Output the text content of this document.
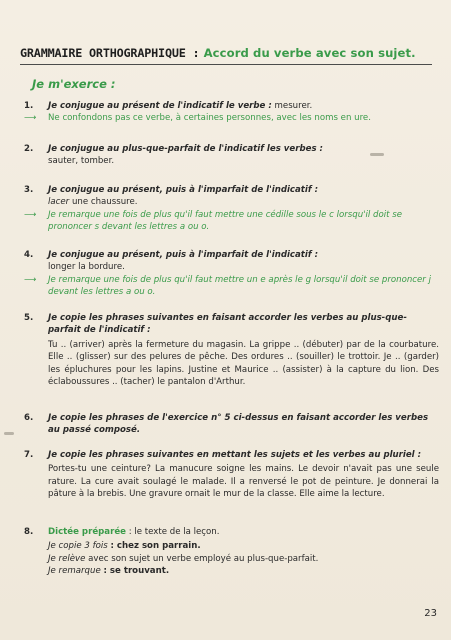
GRAMMAIRE ORTHOGRAPHIQUE : Accord du verbe avec son sujet.
Je m'exerce :
1. Je conjugue au présent de l'indicatif le verbe : mesurer.
⟶ Ne confondons pas ce verbe, à certaines personnes, avec les noms en ure.
2. Je conjugue au plus-que-parfait de l'indicatif les verbes :
sauter, tomber.
3. Je conjugue au présent, puis à l'imparfait de l'indicatif :
lacer une chaussure.
⟶ Je remarque une fois de plus qu'il faut mettre une cédille sous le c lorsqu'il doit se prononcer s devant les lettres a ou o.
4. Je conjugue au présent, puis à l'imparfait de l'indicatif :
longer la bordure.
⟶ Je remarque une fois de plus qu'il faut mettre un e après le g lorsqu'il doit se prononcer j devant les lettres a ou o.
5. Je copie les phrases suivantes en faisant accorder les verbes au plus-que-parfait de l'indicatif :
Tu .. (arriver) après la fermeture du magasin. La grippe .. (débuter) par de la courbature. Elle .. (glisser) sur des pelures de pêche. Des ordures .. (souiller) le trottoir. Je .. (garder) les épluchures pour les lapins. Justine et Maurice .. (assister) à la capture du lion. Des éclaboussures .. (tacher) le pantalon d'Arthur.
6. Je copie les phrases de l'exercice n° 5 ci-dessus en faisant accorder les verbes au passé composé.
7. Je copie les phrases suivantes en mettant les sujets et les verbes au pluriel :
Portes-tu une ceinture? La manucure soigne les mains. Le devoir n'avait pas une seule rature. La cure avait soulagé le malade. Il a renversé le pot de peinture. Je donnerai la pâture à la brebis. Une gravure ornait le mur de la classe. Elle aime la lecture.
8. Dictée préparée : le texte de la leçon.
Je copie 3 fois : chez son parrain.
Je relève avec son sujet un verbe employé au plus-que-parfait.
Je remarque : se trouvant.
23
